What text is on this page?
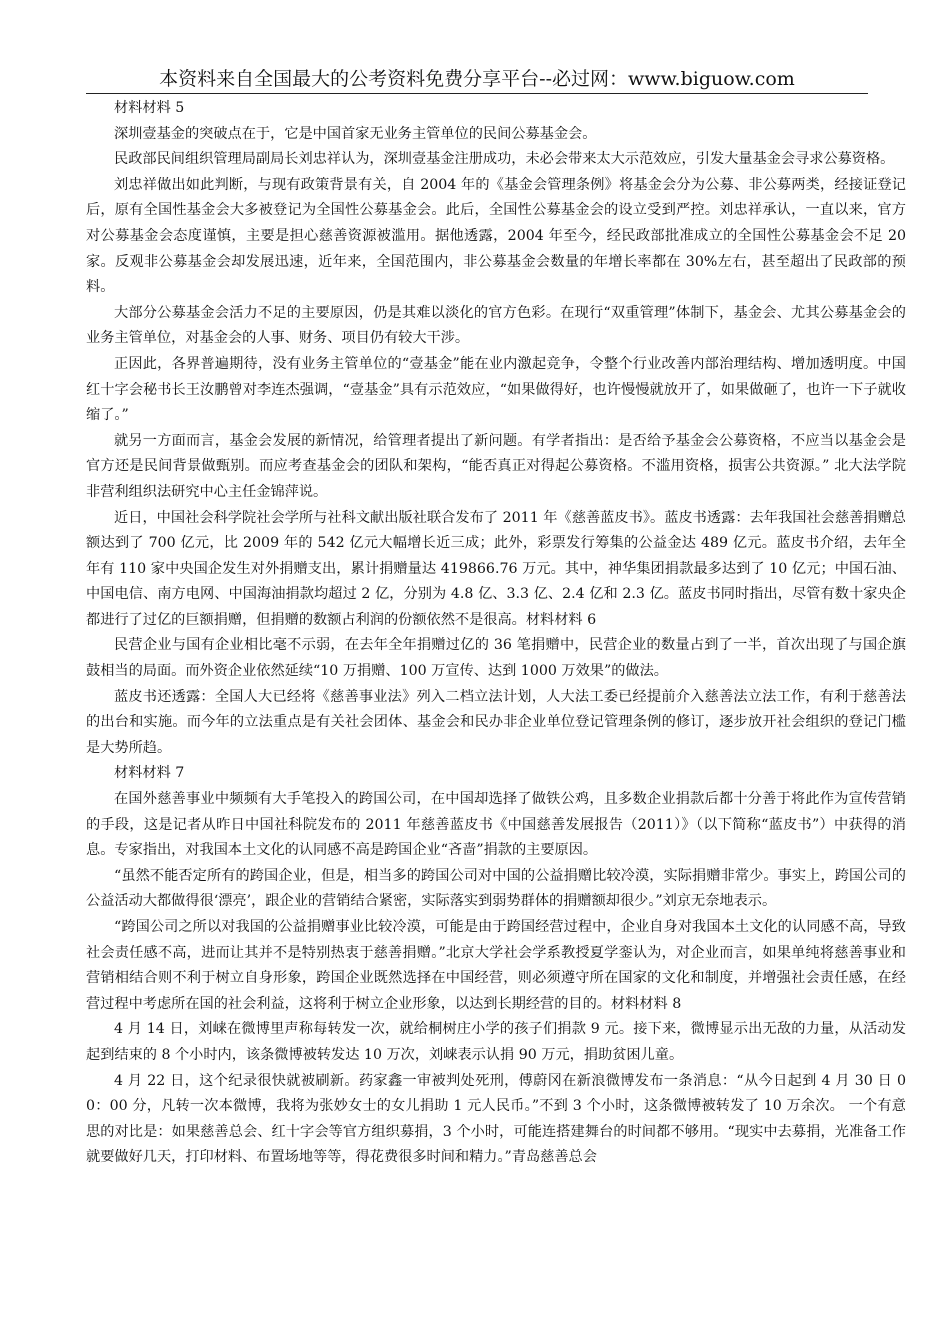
本资料来自全国最大的公考资料免费分享平台--必过网：www.biguow.com

材料材料 5

深圳壹基金的突破点在于，它是中国首家无业务主管单位的民间公募基金会。

民政部民间组织管理局副局长刘忠祥认为，深圳壹基金注册成功，未必会带来太大示范效应，引发大量基金会寻求公募资格。

刘忠祥做出如此判断，与现有政策背景有关，自 2004 年的《基金会管理条例》将基金会分为公募、非公募两类，经接证登记后，原有全国性基金会大多被登记为全国性公募基金会。此后，全国性公募基金会的设立受到严控。刘忠祥承认，一直以来，官方对公募基金会态度谨慎，主要是担心慈善资源被滥用。据他透露，2004 年至今，经民政部批准成立的全国性公募基金会不足 20 家。反观非公募基金会却发展迅速，近年来，全国范围内，非公募基金会数量的年增长率都在 30%左右，甚至超出了民政部的预料。

大部分公募基金会活力不足的主要原因，仍是其难以淡化的官方色彩。在现行“双重管理”体制下，基金会、尤其公募基金会的业务主管单位，对基金会的人事、财务、项目仍有较大干涉。

正因此，各界普遍期待，没有业务主管单位的“壹基金”能在业内激起竞争，令整个行业改善内部治理结构、增加透明度。中国红十字会秘书长王汝鹏曾对李连杰强调，“壹基金”具有示范效应，“如果做得好，也许慢慢就放开了，如果做砸了，也许一下子就收缩了。”

就另一方面而言，基金会发展的新情况，给管理者提出了新问题。有学者指出：是否给予基金会公募资格，不应当以基金会是官方还是民间背景做甄别。而应考查基金会的团队和架构，“能否真正对得起公募资格。不滥用资格，损害公共资源。” 北大法学院非营利组织法研究中心主任金锦萍说。

近日，中国社会科学院社会学所与社科文献出版社联合发布了 2011 年《慈善蓝皮书》。蓝皮书透露：去年我国社会慈善捐赠总额达到了 700 亿元，比 2009 年的 542 亿元大幅增长近三成；此外，彩票发行筹集的公益金达 489 亿元。蓝皮书介绍，去年全年有 110 家中央国企发生对外捐赠支出，累计捐赠量达 419866.76 万元。其中，神华集团捐款最多达到了 10 亿元；中国石油、中国电信、南方电网、中国海油捐款均超过 2 亿，分别为 4.8 亿、3.3 亿、2.4 亿和 2.3 亿。蓝皮书同时指出，尽管有数十家央企都进行了过亿的巨额捐赠，但捐赠的数额占利润的份额依然不是很高。材料材料 6

民营企业与国有企业相比毫不示弱，在去年全年捐赠过亿的 36 笔捐赠中，民营企业的数量占到了一半，首次出现了与国企旗鼓相当的局面。而外资企业依然延续“10 万捐赠、100 万宣传、达到 1000 万效果”的做法。

蓝皮书还透露：全国人大已经将《慈善事业法》列入二档立法计划，人大法工委已经提前介入慈善法立法工作，有利于慈善法的出台和实施。而今年的立法重点是有关社会团体、基金会和民办非企业单位登记管理条例的修订，逐步放开社会组织的登记门槛是大势所趋。

材料材料 7

在国外慈善事业中频频有大手笔投入的跨国公司，在中国却选择了做铁公鸡，且多数企业捐款后都十分善于将此作为宣传营销的手段，这是记者从昨日中国社科院发布的 2011 年慈善蓝皮书《中国慈善发展报告（2011）》（以下简称“蓝皮书”）中获得的消息。专家指出，对我国本土文化的认同感不高是跨国企业“吝啬”捐款的主要原因。

“虽然不能否定所有的跨国企业，但是，相当多的跨国公司对中国的公益捐赠比较冷漠，实际捐赠非常少。事实上，跨国公司的公益活动大都做得很‘漂亮’，跟企业的营销结合紧密，实际落实到弱势群体的捐赠额却很少。”刘京无奈地表示。

“跨国公司之所以对我国的公益捐赠事业比较冷漠，可能是由于跨国经营过程中，企业自身对我国本土文化的认同感不高，导致社会责任感不高，进而让其并不是特别热衷于慈善捐赠。”北京大学社会学系教授夏学銮认为，对企业而言，如果单纯将慈善事业和营销相结合则不利于树立自身形象，跨国企业既然选择在中国经营，则必须遵守所在国家的文化和制度，并增强社会责任感，在经营过程中考虑所在国的社会利益，这将利于树立企业形象，以达到长期经营的目的。材料材料 8

4 月 14 日，刘崃在微博里声称每转发一次，就给桐树庄小学的孩子们捐款 9 元。接下来，微博显示出无敌的力量，从活动发起到结束的 8 个小时内，该条微博被转发达 10 万次，刘崃表示认捐 90 万元，捐助贫困儿童。

4 月 22 日，这个纪录很快就被刷新。药家鑫一审被判处死刑，傅蔚冈在新浪微博发布一条消息：“从今日起到 4 月 30 日 00：00 分，凡转一次本微博，我将为张妙女士的女儿捐助 1 元人民币。”不到 3 个小时，这条微博被转发了 10 万余次。 一个有意思的对比是：如果慈善总会、红十字会等官方组织募捐，3 个小时，可能连搭建舞台的时间都不够用。“现实中去募捐，光准备工作就要做好几天，打印材料、布置场地等等，得花费很多时间和精力。”青岛慈善总会
